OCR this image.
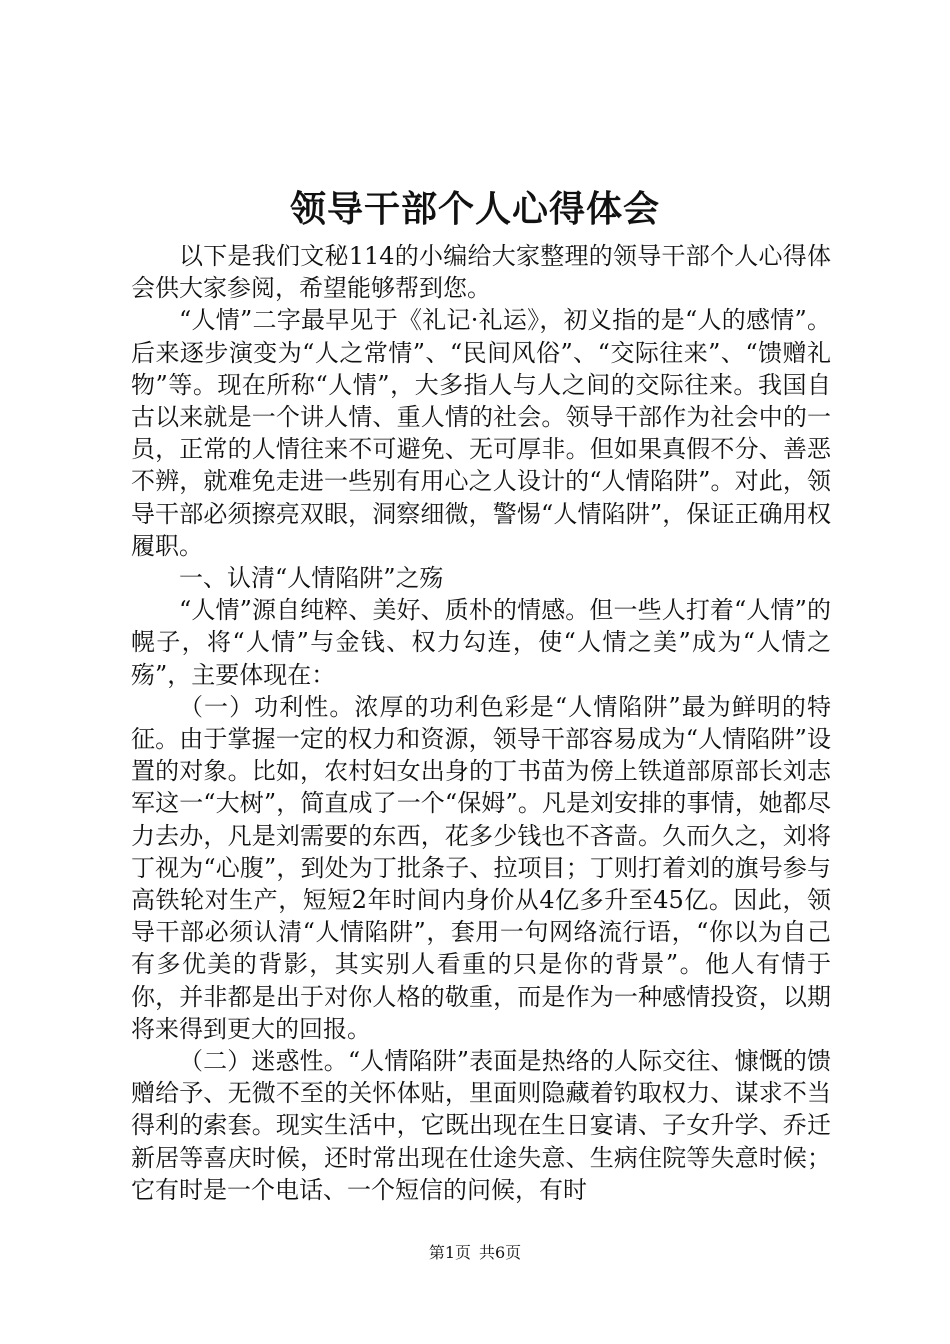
领导干部个人心得体会

以下是我们文秘114的小编给大家整理的领导干部个人心得体会供大家参阅，希望能够帮到您。

“人情”二字最早见于《礼记·礼运》，初义指的是“人的感情”。后来逐步演变为“人之常情”、“民间风俗”、“交际往来”、“馈赠礼物”等。现在所称“人情”，大多指人与人之间的交际往来。我国自古以来就是一个讲人情、重人情的社会。领导干部作为社会中的一员，正常的人情往来不可避免、无可厚非。但如果真假不分、善恶不辨，就难免走进一些别有用心之人设计的“人情陷阱”。对此，领导干部必须擦亮双眼，洞察细微，警惕“人情陷阱”，保证正确用权履职。

一、认清“人情陷阱”之殇

“人情”源自纯粹、美好、质朴的情感。但一些人打着“人情”的幌子，将“人情”与金钱、权力勾连，使“人情之美”成为“人情之殇”，主要体现在：

（一）功利性。浓厚的功利色彩是“人情陷阱”最为鲜明的特征。由于掌握一定的权力和资源，领导干部容易成为“人情陷阱”设置的对象。比如，农村妇女出身的丁书苗为傍上铁道部原部长刘志军这一“大树”，简直成了一个“保姆”。凡是刘安排的事情，她都尽力去办，凡是刘需要的东西，花多少钱也不吝啬。久而久之，刘将丁视为“心腹”，到处为丁批条子、拉项目；丁则打着刘的旗号参与高铁轮对生产，短短2年时间内身价从4亿多升至45亿。因此，领导干部必须认清“人情陷阱”，套用一句网络流行语，“你以为自己有多优美的背影，其实别人看重的只是你的背景”。他人有情于你，并非都是出于对你人格的敬重，而是作为一种感情投资，以期将来得到更大的回报。

（二）迷惑性。“人情陷阱”表面是热络的人际交往、慷慨的馈赠给予、无微不至的关怀体贴，里面则隐藏着钓取权力、谋求不当得利的索套。现实生活中，它既出现在生日宴请、子女升学、乔迁新居等喜庆时候，还时常出现在仕途失意、生病住院等失意时候；它有时是一个电话、一个短信的问候，有时

第1页 共6页
